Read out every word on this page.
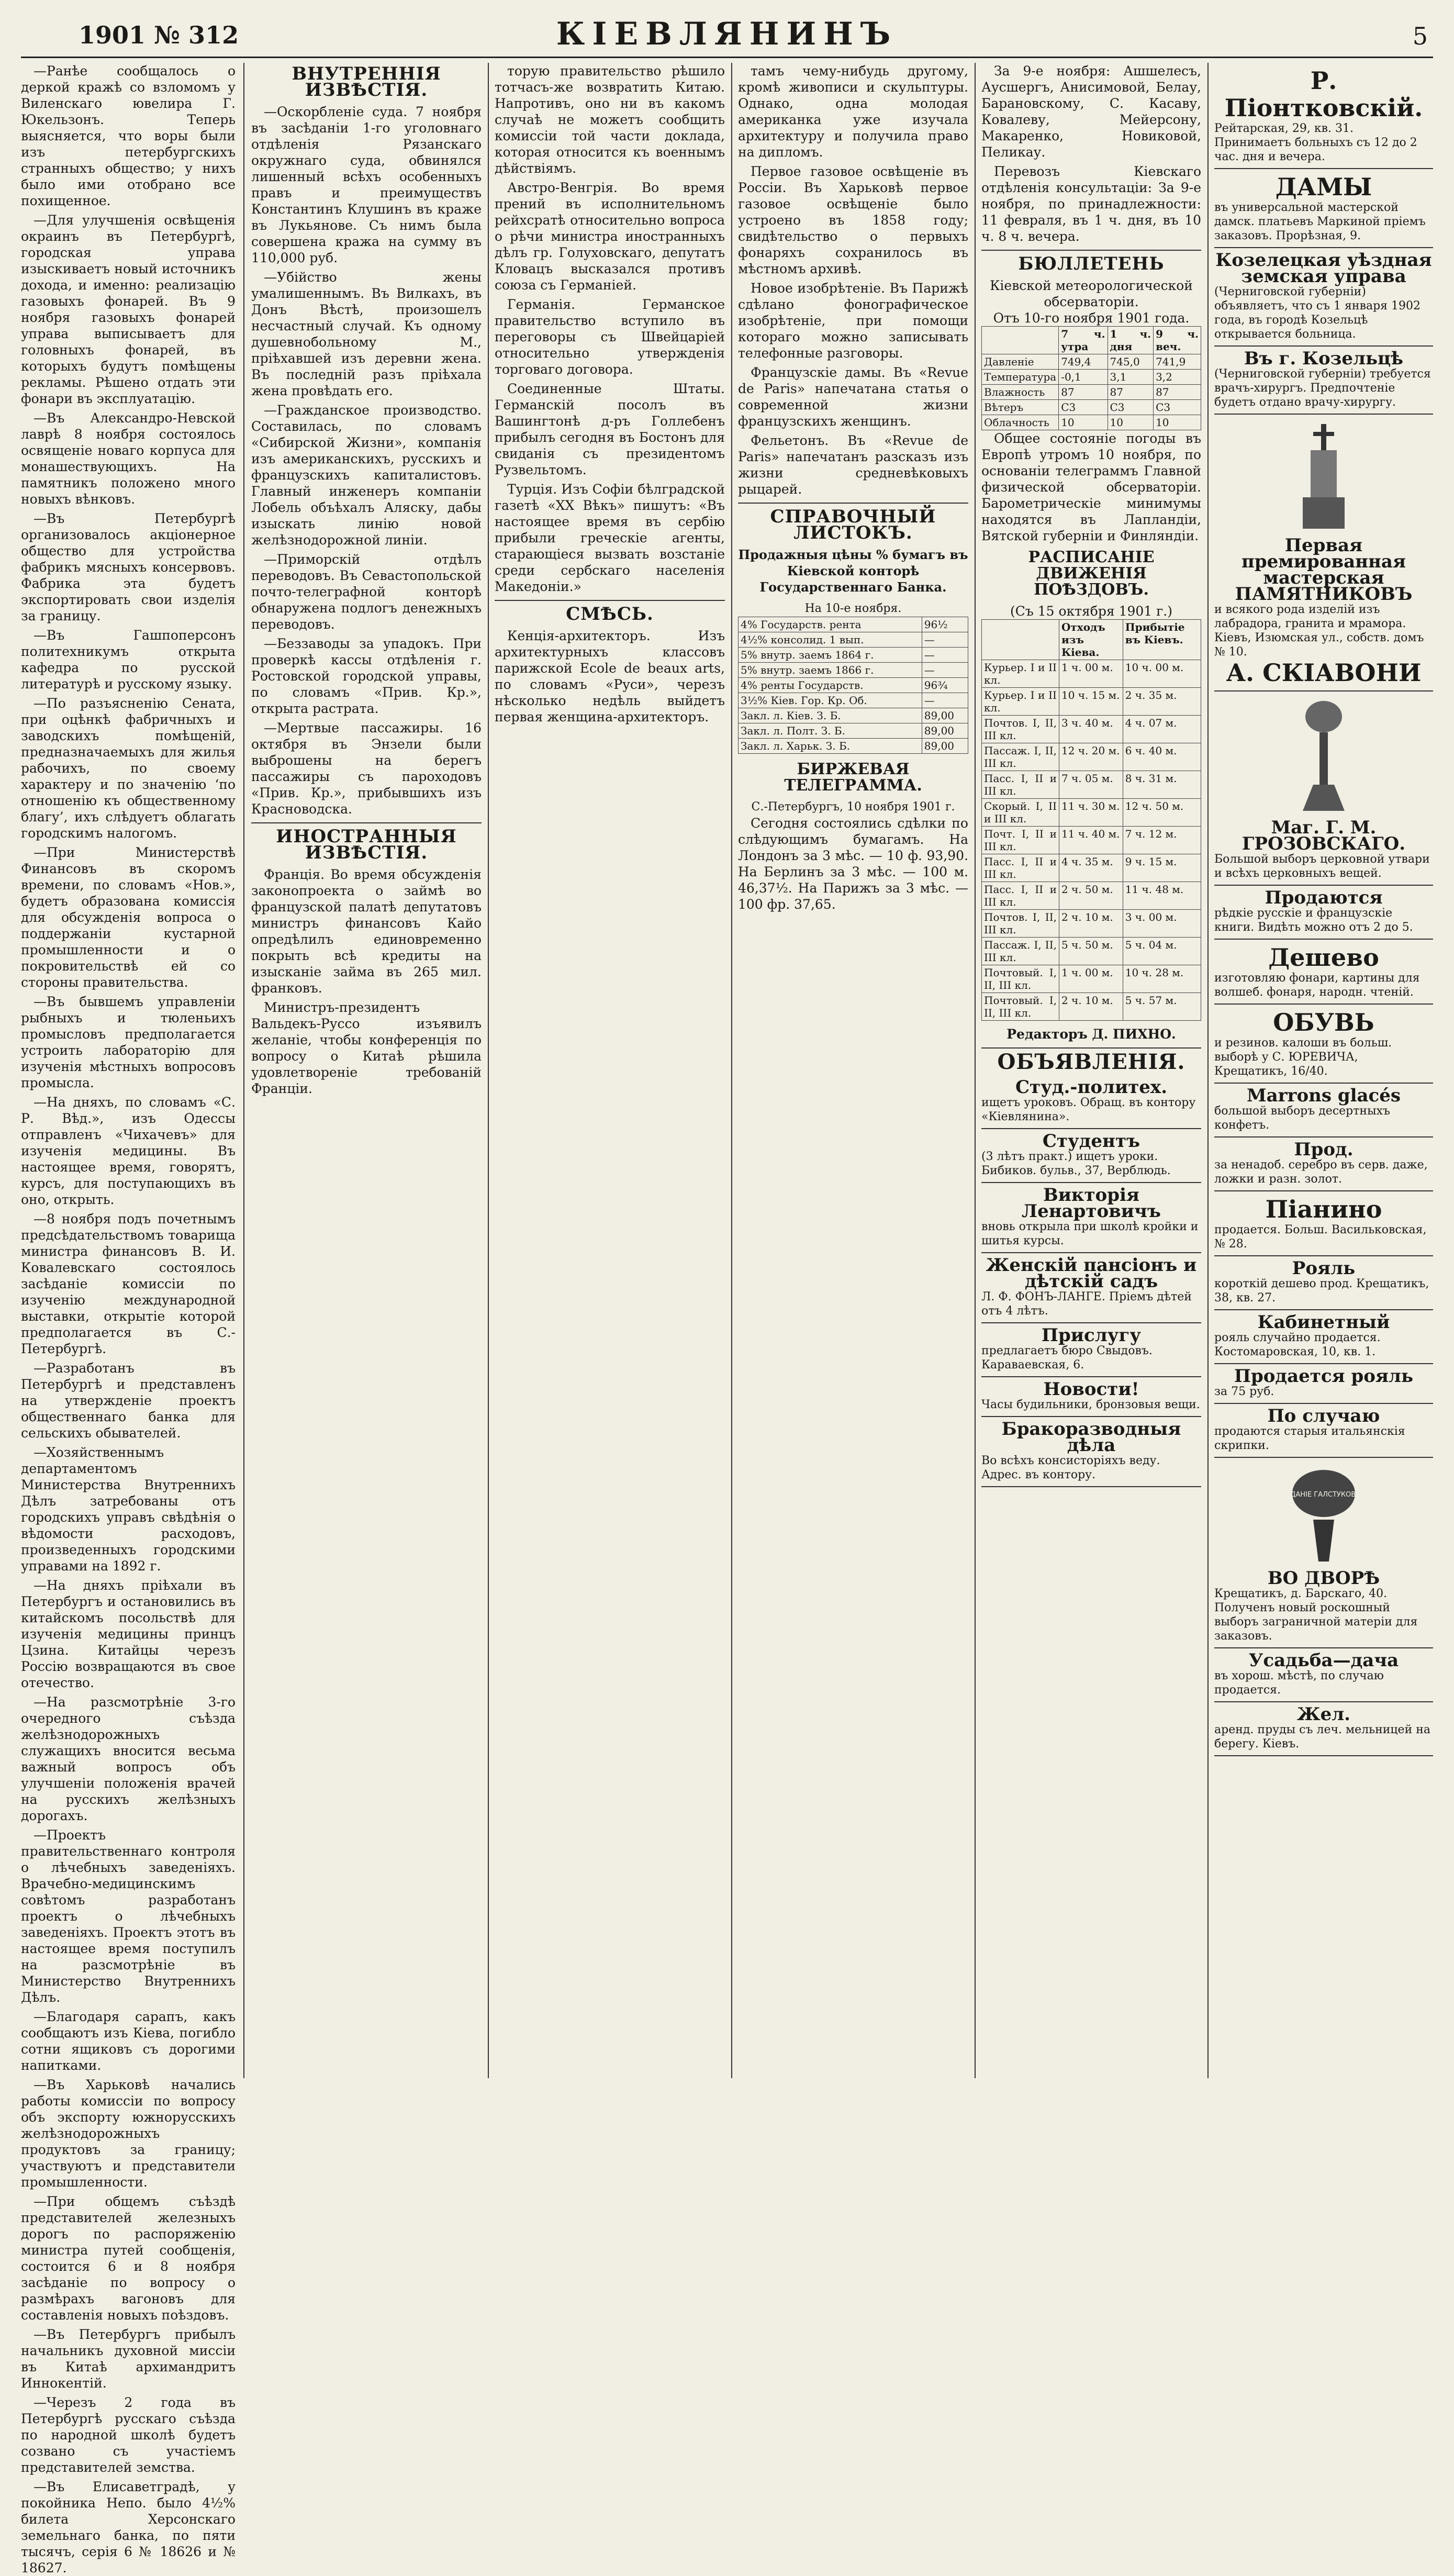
1901 № 312	КІЕВЛЯНИНЪ	5

—Ранѣе сообщалось о деркой кражѣ со взломомъ у Виленскаго ювелира Г. Юкельзонъ. Теперь выясняется, что воры были изъ петербургскихъ странныхъ общество; у нихъ было ими отобрано все похищенное.

—Для улучшенія освѣщенія окраинъ въ Петербургѣ, городская управа изыскиваетъ новый источникъ дохода, и именно: реализацію газовыхъ фонарей. Въ 9 ноября газовыхъ фонарей управа выписываетъ для головныхъ фонарей, въ которыхъ будутъ помѣщены рекламы. Рѣшено отдать эти фонари въ эксплуатацію.

—Въ Александро-Невской лаврѣ 8 ноября состоялось освященіе новаго корпуса для монашествующихъ. На памятникъ положено много новыхъ вѣнковъ.

—Въ Петербургѣ организовалось акціонерное общество для устройства фабрикъ мясныхъ консервовъ. Фабрика эта будетъ экспортировать свои изделія за границу.

—Въ Гашпоперсонъ политехникумъ открыта кафедра по русской литературѣ и русскому языку.

—По разъясненію Сената, при оцѣнкѣ фабричныхъ и заводскихъ помѣщеній, предназначаемыхъ для жилья рабочихъ, по своему характеру и по значенію ‘по отношенію къ общественному благу’, ихъ слѣдуетъ облагать городскимъ налогомъ.

—При Министерствѣ Финансовъ въ скоромъ времени, по словамъ «Нов.», будетъ образована комиссія для обсужденія вопроса о поддержаніи кустарной промышленности и о покровительствѣ ей со стороны правительства.

—Въ бывшемъ управленіи рыбныхъ и тюленьихъ промысловъ предполагается устроить лабораторію для изученія мѣстныхъ вопросовъ промысла.

—На дняхъ, по словамъ «С. Р. Вѣд.», изъ Одессы отправленъ «Чихачевъ» для изученія медицины. Въ настоящее время, говорятъ, курсъ, для поступающихъ въ оно, открыть.

—8 ноября подъ почетнымъ предсѣдательствомъ товарища министра финансовъ В. И. Ковалевскаго состоялось засѣданіе комиссіи по изученію международной выставки, открытіе которой предполагается въ С.-Петербургѣ.

—Разработанъ въ Петербургѣ и представленъ на утвержденіе проектъ общественнаго банка для сельскихъ обывателей.

—Хозяйственнымъ департаментомъ Министерства Внутреннихъ Дѣлъ затребованы отъ городскихъ управъ свѣдѣнія о вѣдомости расходовъ, произведенныхъ городскими управами на 1892 г.

—На дняхъ пріѣхали въ Петербургъ и остановились въ китайскомъ посольствѣ для изученія медицины принцъ Цзина. Китайцы черезъ Россію возвращаются въ свое отечество.

—На разсмотрѣніе 3-го очередного съѣзда желѣзнодорожныхъ служащихъ вносится весьма важный вопросъ объ улучшеніи положенія врачей на русскихъ желѣзныхъ дорогахъ.

—Проектъ правительственнаго контроля о лѣчебныхъ заведеніяхъ. Врачебно-медицинскимъ совѣтомъ разработанъ проектъ о лѣчебныхъ заведеніяхъ. Проектъ этотъ въ настоящее время поступилъ на разсмотрѣніе въ Министерство Внутреннихъ Дѣлъ.

—Благодаря сарапъ, какъ сообщаютъ изъ Кіева, погибло сотни ящиковъ съ дорогими напитками.

—Въ Харьковѣ начались работы комиссіи по вопросу объ экспорту южнорусскихъ желѣзнодорожныхъ продуктовъ за границу; участвуютъ и представители промышленности.

—При общемъ съѣздѣ представителей железныхъ дорогъ по распоряженію министра путей сообщенія, состоится 6 и 8 ноября засѣданіе по вопросу о размѣрахъ вагоновъ для составленія новыхъ поѣздовъ.

—Въ Петербургъ прибылъ начальникъ духовной миссіи въ Китаѣ архимандритъ Иннокентій.

—Черезъ 2 года въ Петербургѣ русскаго съѣзда по народной школѣ будетъ созвано съ участіемъ представителей земства.

—Въ Елисаветградѣ, у покойника Непо. было 4½% билета Херсонскаго земельнаго банка, по пяти тысячъ, серія 6 № 18626 и № 18627.

ВНУТРЕННІЯ ИЗВѢСТІЯ.

—Оскорбленіе суда. 7 ноября въ засѣданіи 1-го уголовнаго отдѣленія Рязанскаго окружнаго суда, обвинялся лишенный всѣхъ особенныхъ правъ и преимуществъ Константинъ Клушинъ въ краже въ Лукьянове. Съ нимъ была совершена кража на сумму въ 110,000 руб.

—Убійство жены умалишеннымъ. Въ Вилкахъ, въ Донъ Вѣстѣ, произошелъ несчастный случай. Къ одному душевнобольному М., пріѣхавшей изъ деревни жена. Въ последній разъ пріѣхала жена провѣдать его.

—Гражданское производство. Составилась, по словамъ «Сибирской Жизни», компанія изъ американскихъ, русскихъ и французскихъ капиталистовъ. Главный инженеръ компаніи Лобель объѣхалъ Аляску, дабы изыскать линію новой желѣзнодорожной линіи.

—Приморскій отдѣлъ переводовъ. Въ Севастопольской почто-телеграфной конторѣ обнаружена подлогъ денежныхъ переводовъ.

—Беззаводы за упадокъ. При проверкѣ кассы отдѣленія г. Ростовской городской управы, по словамъ «Прив. Кр.», открыта растрата.

—Мертвые пассажиры. 16 октября въ Энзели были выброшены на берегъ пассажиры съ пароходовъ «Прив. Кр.», прибывшихъ изъ Красноводска.

ИНОСТРАННЫЯ ИЗВѢСТІЯ.

Франція. Во время обсужденія законопроекта о займѣ во французской палатѣ депутатовъ министръ финансовъ Кайо опредѣлилъ единовременно покрыть всѣ кредиты на изысканіе займа въ 265 мил. франковъ.

Министръ-президентъ Вальдекъ-Руссо изъявилъ желаніе, чтобы конференція по вопросу о Китаѣ рѣшила удовлетвореніе требованій Франціи.

торую правительство рѣшило тотчасъ-же возвратить Китаю. Напротивъ, оно ни въ какомъ случаѣ не можетъ сообщить комиссіи той части доклада, которая относится къ военнымъ дѣйствіямъ.

Австро-Венгрія. Во время прений въ исполнительномъ рейхсратѣ относительно вопроса о рѣчи министра иностранныхъ дѣлъ гр. Голуховскаго, депутатъ Кловацъ высказался противъ союза съ Германіей.

Германія. Германское правительство вступило въ переговоры съ Швейцаріей относительно утвержденія торговаго договора.

Соединенные Штаты. Германскій посолъ въ Вашингтонѣ д-ръ Голлебенъ прибылъ сегодня въ Бостонъ для свиданія съ президентомъ Рузвельтомъ.

Турція. Изъ Софіи бѣлградской газетѣ «XX Вѣкъ» пишутъ: «Въ настоящее время въ сербію прибыли греческіе агенты, старающіеся вызвать возстаніе среди сербскаго населенія Македоніи.»

СМѢСЬ.

Кенція-архитекторъ. Изъ архитектурныхъ классовъ парижской Ecole de beaux arts, по словамъ «Руси», черезъ нѣсколько недѣль выйдетъ первая женщина-архитекторъ.

тамъ чему-нибудь другому, кромѣ живописи и скульптуры. Однако, одна молодая американка уже изучала архитектуру и получила право на дипломъ.

Первое газовое освѣщеніе въ Россіи. Въ Харьковѣ первое газовое освѣщеніе было устроено въ 1858 году; свидѣтельство о первыхъ фонаряхъ сохранилось въ мѣстномъ архивѣ.

Новое изобрѣтеніе. Въ Парижѣ сдѣлано фонографическое изобрѣтеніе, при помощи котораго можно записывать телефонные разговоры.

Французскіе дамы. Въ «Revue de Paris» напечатана статья о современной жизни французскихъ женщинъ.

Фельетонъ. Въ «Revue de Paris» напечатанъ разсказъ изъ жизни средневѣковыхъ рыцарей.

СПРАВОЧНЫЙ ЛИСТОКЪ.
Продажныя цѣны % бумагъ въ Кіевской конторѣ Государственнаго Банка.
На 10-е ноября.
4% Государств. рента	96½
4½% консолид. 1 вып.	—
5% внутр. заемъ 1864 г.	—
5% внутр. заемъ 1866 г.	—
4% ренты Государств.	96¾
3½% Кіев. Гор. Кр. Об.	—
Закл. л. Кіев. З. Б.	89,00
Закл. л. Полт. З. Б.	89,00
Закл. л. Харьк. З. Б.	89,00
БИРЖЕВАЯ ТЕЛЕГРАММА.
С.-Петербургъ, 10 ноября 1901 г.

Сегодня состоялись сдѣлки по слѣдующимъ бумагамъ. На Лондонъ за 3 мѣс. — 10 ф. 93,90. На Берлинъ за 3 мѣс. — 100 м. 46,37½. На Парижъ за 3 мѣс. — 100 фр. 37,65.

За 9-е ноября: Ашшелесъ, Аусшергъ, Анисимовой, Белау, Барановскому, С. Касаву, Ковалеву, Мейерсону, Макаренко, Новиковой, Пеликау.

Перевозъ Кіевскаго отдѣленія консультаціи: За 9-е ноября, по принадлежности: 11 февраля, въ 1 ч. дня, въ 10 ч. 8 ч. вечера.

БЮЛЛЕТЕНЬ
Кіевской метеорологической обсерваторіи.
Отъ 10-го ноября 1901 года.
	7 ч. утра	1 ч. дня	9 ч. веч.
Давленіе	749,4	745,0	741,9
Температура	-0,1	3,1	3,2
Влажность	87	87	87
Вѣтеръ	С3	С3	С3
Облачность	10	10	10

Общее состояніе погоды въ Европѣ утромъ 10 ноября, по основаніи телеграммъ Главной физической обсерваторіи. Барометрическіе минимумы находятся въ Лапландіи, Вятской губерніи и Финляндіи.

РАСПИСАНІЕ ДВИЖЕНІЯ ПОѢЗДОВЪ.
(Съ 15 октября 1901 г.)
	Отходъ изъ Кіева.	Прибытіе въ Кіевъ.
Курьер. I и II кл.	1 ч. 00 м.	10 ч. 00 м.
Курьер. I и II кл.	10 ч. 15 м.	2 ч. 35 м.
Почтов. I, II, III кл.	3 ч. 40 м.	4 ч. 07 м.
Пассаж. I, II, III кл.	12 ч. 20 м.	6 ч. 40 м.
Пасс. I, II и III кл.	7 ч. 05 м.	8 ч. 31 м.
Скорый. I, II и III кл.	11 ч. 30 м.	12 ч. 50 м.
Почт. I, II и III кл.	11 ч. 40 м.	7 ч. 12 м.
Пасс. I, II и III кл.	4 ч. 35 м.	9 ч. 15 м.
Пасс. I, II и III кл.	2 ч. 50 м.	11 ч. 48 м.
Почтов. I, II, III кл.	2 ч. 10 м.	3 ч. 00 м.
Пассаж. I, II, III кл.	5 ч. 50 м.	5 ч. 04 м.
Почтовый. I, II, III кл.	1 ч. 00 м.	10 ч. 28 м.
Почтовый. I, II, III кл.	2 ч. 10 м.	5 ч. 57 м.
Редакторъ Д. ПИХНО.
ОБЪЯВЛЕНІЯ.
Студ.-политех.
ищетъ уроковъ. Обращ. въ контору «Кіевлянина».
Студентъ
(3 лѣтъ практ.) ищетъ уроки. Бибиков. бульв., 37, Верблюдь.
Викторія Ленартовичъ
вновь открыла при школѣ кройки и шитья курсы.
Женскій пансіонъ и дѣтскій садъ
Л. Ф. ФОНЪ-ЛАНГЕ. Пріемъ дѣтей отъ 4 лѣтъ.
Прислугу
предлагаетъ бюро Свыдовъ. Караваевская, 6.
Новости!
Часы будильники, бронзовыя вещи.
Бракоразводныя дѣла
Во всѣхъ консисторіяхъ веду. Адрес. въ контору.
Р. Піонтковскій.
Рейтарская, 29, кв. 31. Принимаетъ больныхъ съ 12 до 2 час. дня и вечера.
ДАМЫ
въ универсальной мастерской дамск. платьевъ Маркиной пріемъ заказовъ. Прорѣзная, 9.
Козелецкая уѣздная земская управа
(Черниговской губерніи) объявляетъ, что съ 1 января 1902 года, въ городѣ Козельцѣ открывается больница.
Въ г. Козельцѣ
(Черниговской губерніи) требуется врачъ-хирургъ. Предпочтеніе будетъ отдано врачу-хирургу.
Первая премированная мастерская ПАМЯТНИКОВЪ
и всякого рода изделій изъ лабрадора, гранита и мрамора. Кіевъ, Изюмская ул., собств. домъ № 10.
А. СКІАВОНИ
Маг. Г. М. ГРОЗОВСКАГО.
Большой выборъ церковной утвари и всѣхъ церковныхъ вещей.
Продаются
рѣдкіе русскіе и французскіе книги. Видѣть можно отъ 2 до 5.
Дешево
изготовляю фонари, картины для волшеб. фонаря, народн. чтеній.
ОБУВЬ
и резинов. калоши въ больш. выборѣ у С. ЮРЕВИЧА, Крещатикъ, 16/40.
Marrons glacés
большой выборъ десертныхъ конфетъ.
Прод.
за ненадоб. серебро въ серв. даже, ложки и разн. золот.
Піанино
продается. Больш. Васильковская, № 28.
Рояль
короткій дешево прод. Крещатикъ, 38, кв. 27.
Кабинетный
рояль случайно продается. Костомаровская, 10, кв. 1.
Продается рояль
за 75 руб.
По случаю
продаются старыя итальянскія скрипки.
ЗДАНІЕ ГАЛСТУКОВЪ
ВО ДВОРѢ
Крещатикъ, д. Барскаго, 40. Полученъ новый роскошный выборъ заграничной матеріи для заказовъ.
Усадьба—дача
въ хорош. мѣстѣ, по случаю продается.
Жел.
аренд. пруды съ леч. мельницей на берегу. Кіевъ.
